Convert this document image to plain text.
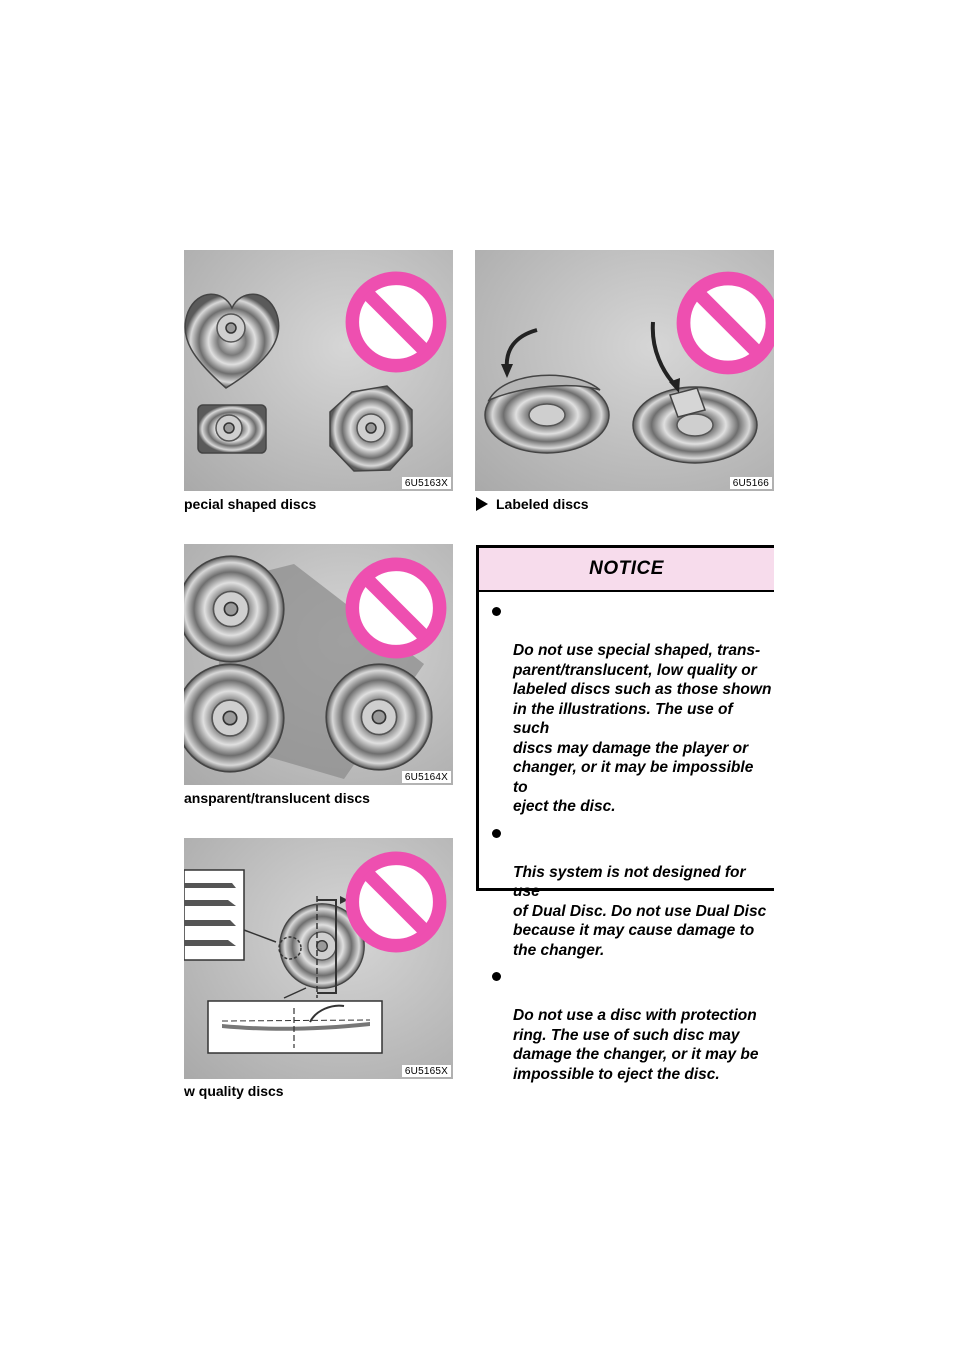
6U5163X
pecial shaped discs
6U5166
Labeled discs
6U5164X
ansparent/translucent discs
6U5165X
w quality discs
NOTICE

Do not use special shaped, trans-
parent/translucent, low quality or
labeled discs such as those shown
in the illustrations. The use of such
discs may damage the player or
changer, or it may be impossible to
eject the disc.

This system is not designed for use
of Dual Disc. Do not use Dual Disc
because it may cause damage to
the changer.

Do not use a disc with protection
ring. The use of such disc may
damage the changer, or it may be
impossible to eject the disc.
